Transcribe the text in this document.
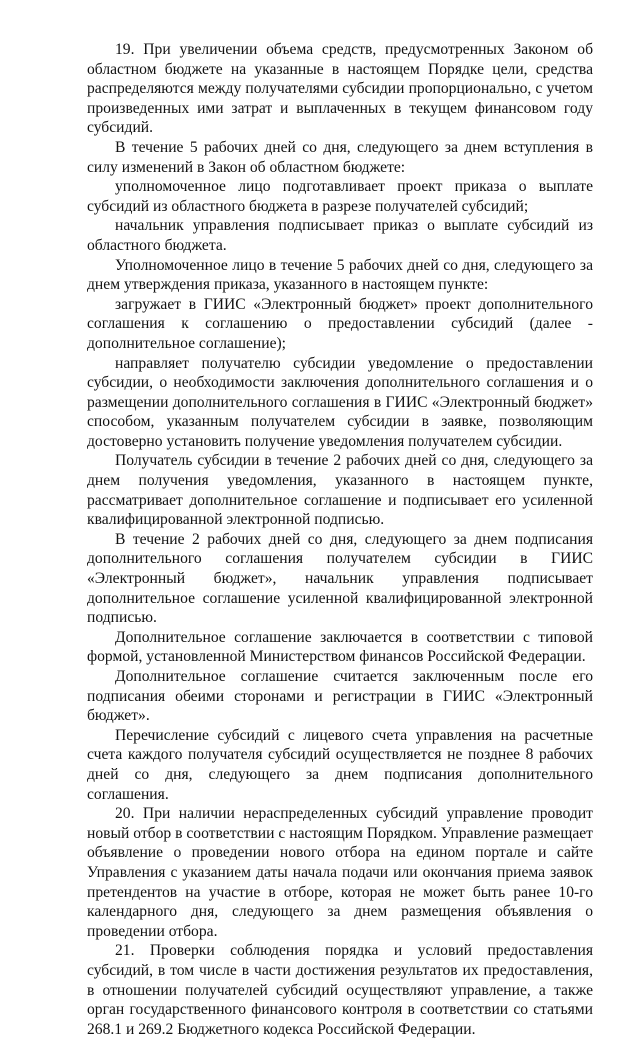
19. При увеличении объема средств, предусмотренных Законом об областном бюджете на указанные в настоящем Порядке цели, средства распределяются между получателями субсидии пропорционально, с учетом произведенных ими затрат и выплаченных в текущем финансовом году субсидий.

В течение 5 рабочих дней со дня, следующего за днем вступления в силу изменений в Закон об областном бюджете:

уполномоченное лицо подготавливает проект приказа о выплате субсидий из областного бюджета в разрезе получателей субсидий;

начальник управления подписывает приказ о выплате субсидий из областного бюджета.

Уполномоченное лицо в течение 5 рабочих дней со дня, следующего за днем утверждения приказа, указанного в настоящем пункте:

загружает в ГИИС «Электронный бюджет» проект дополнительного соглашения к соглашению о предоставлении субсидий (далее - дополнительное соглашение);

направляет получателю субсидии уведомление о предоставлении субсидии, о необходимости заключения дополнительного соглашения и о размещении дополнительного соглашения в ГИИС «Электронный бюджет» способом, указанным получателем субсидии в заявке, позволяющим достоверно установить получение уведомления получателем субсидии.

Получатель субсидии в течение 2 рабочих дней со дня, следующего за днем получения уведомления, указанного в настоящем пункте, рассматривает дополнительное соглашение и подписывает его усиленной квалифицированной электронной подписью.

В течение 2 рабочих дней со дня, следующего за днем подписания дополнительного соглашения получателем субсидии в ГИИС «Электронный бюджет», начальник управления подписывает дополнительное соглашение усиленной квалифицированной электронной подписью.

Дополнительное соглашение заключается в соответствии с типовой формой, установленной Министерством финансов Российской Федерации.

Дополнительное соглашение считается заключенным после его подписания обеими сторонами и регистрации в ГИИС «Электронный бюджет».

Перечисление субсидий с лицевого счета управления на расчетные счета каждого получателя субсидий осуществляется не позднее 8 рабочих дней со дня, следующего за днем подписания дополнительного соглашения.

20. При наличии нераспределенных субсидий управление проводит новый отбор в соответствии с настоящим Порядком. Управление размещает объявление о проведении нового отбора на едином портале и сайте Управления с указанием даты начала подачи или окончания приема заявок претендентов на участие в отборе, которая не может быть ранее 10-го календарного дня, следующего за днем размещения объявления о проведении отбора.

21. Проверки соблюдения порядка и условий предоставления субсидий, в том числе в части достижения результатов их предоставления, в отношении получателей субсидий осуществляют управление, а также орган государственного финансового контроля в соответствии со статьями 268.1 и 269.2 Бюджетного кодекса Российской Федерации.
